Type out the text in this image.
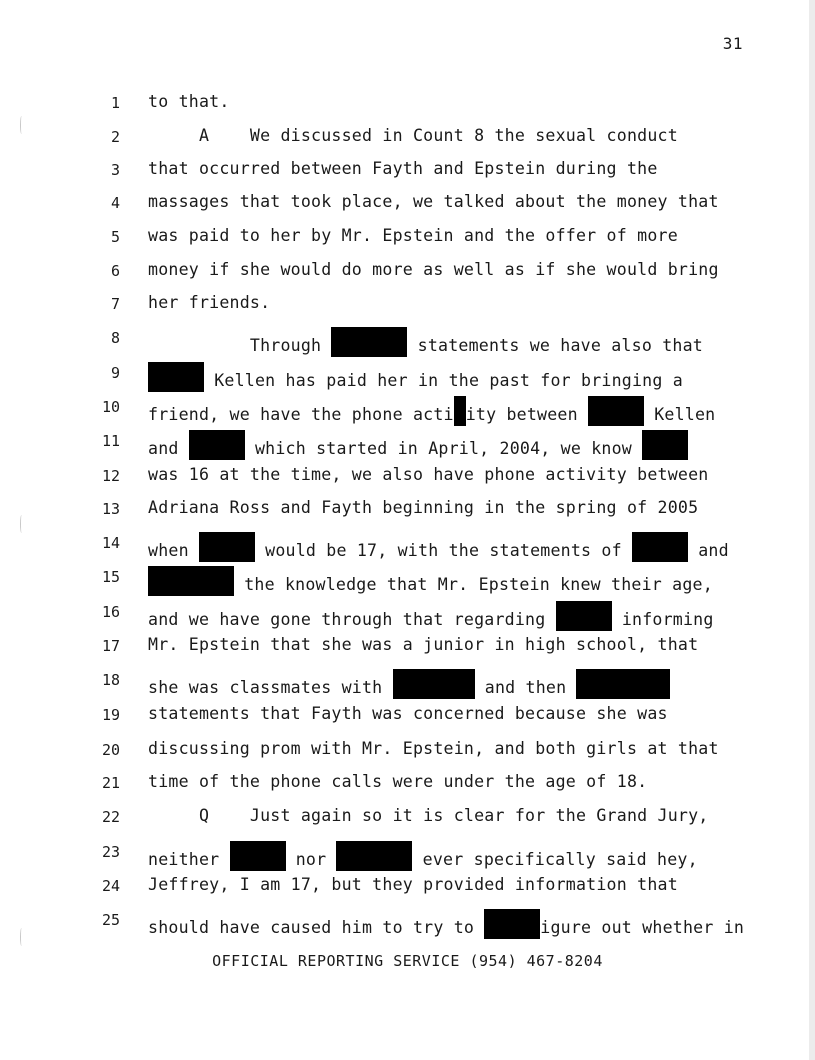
31
1 to that.
2 A    We discussed in Count 8 the sexual conduct
3 that occurred between Fayth and Epstein during the
4 massages that took place, we talked about the money that
5 was paid to her by Mr. Epstein and the offer of more
6 money if she would do more as well as if she would bring
7 her friends.
8 Through	statements we have also that
9	Kellen has paid her in the past for bringing a
10 friend, we have the phone acti ity between	Kellen
11 and	which started in April, 2004, we know
12 was 16 at the time, we also have phone activity between
13 Adriana Ross and Fayth beginning in the spring of 2005
14 when	would be 17, with the statements of	and
15	the knowledge that Mr. Epstein knew their age,
16 and we have gone through that regarding	informing
17 Mr. Epstein that she was a junior in high school, that
18 she was classmates with	and then
19 statements that Fayth was concerned because she was
20 discussing prom with Mr. Epstein, and both girls at that
21 time of the phone calls were under the age of 18.
22 Q    Just again so it is clear for the Grand Jury,
23 neither	nor	ever specifically said hey,
24 Jeffrey, I am 17, but they provided information that
25 should have caused him to try to	igure out whether in
OFFICIAL REPORTING SERVICE (954) 467-8204
